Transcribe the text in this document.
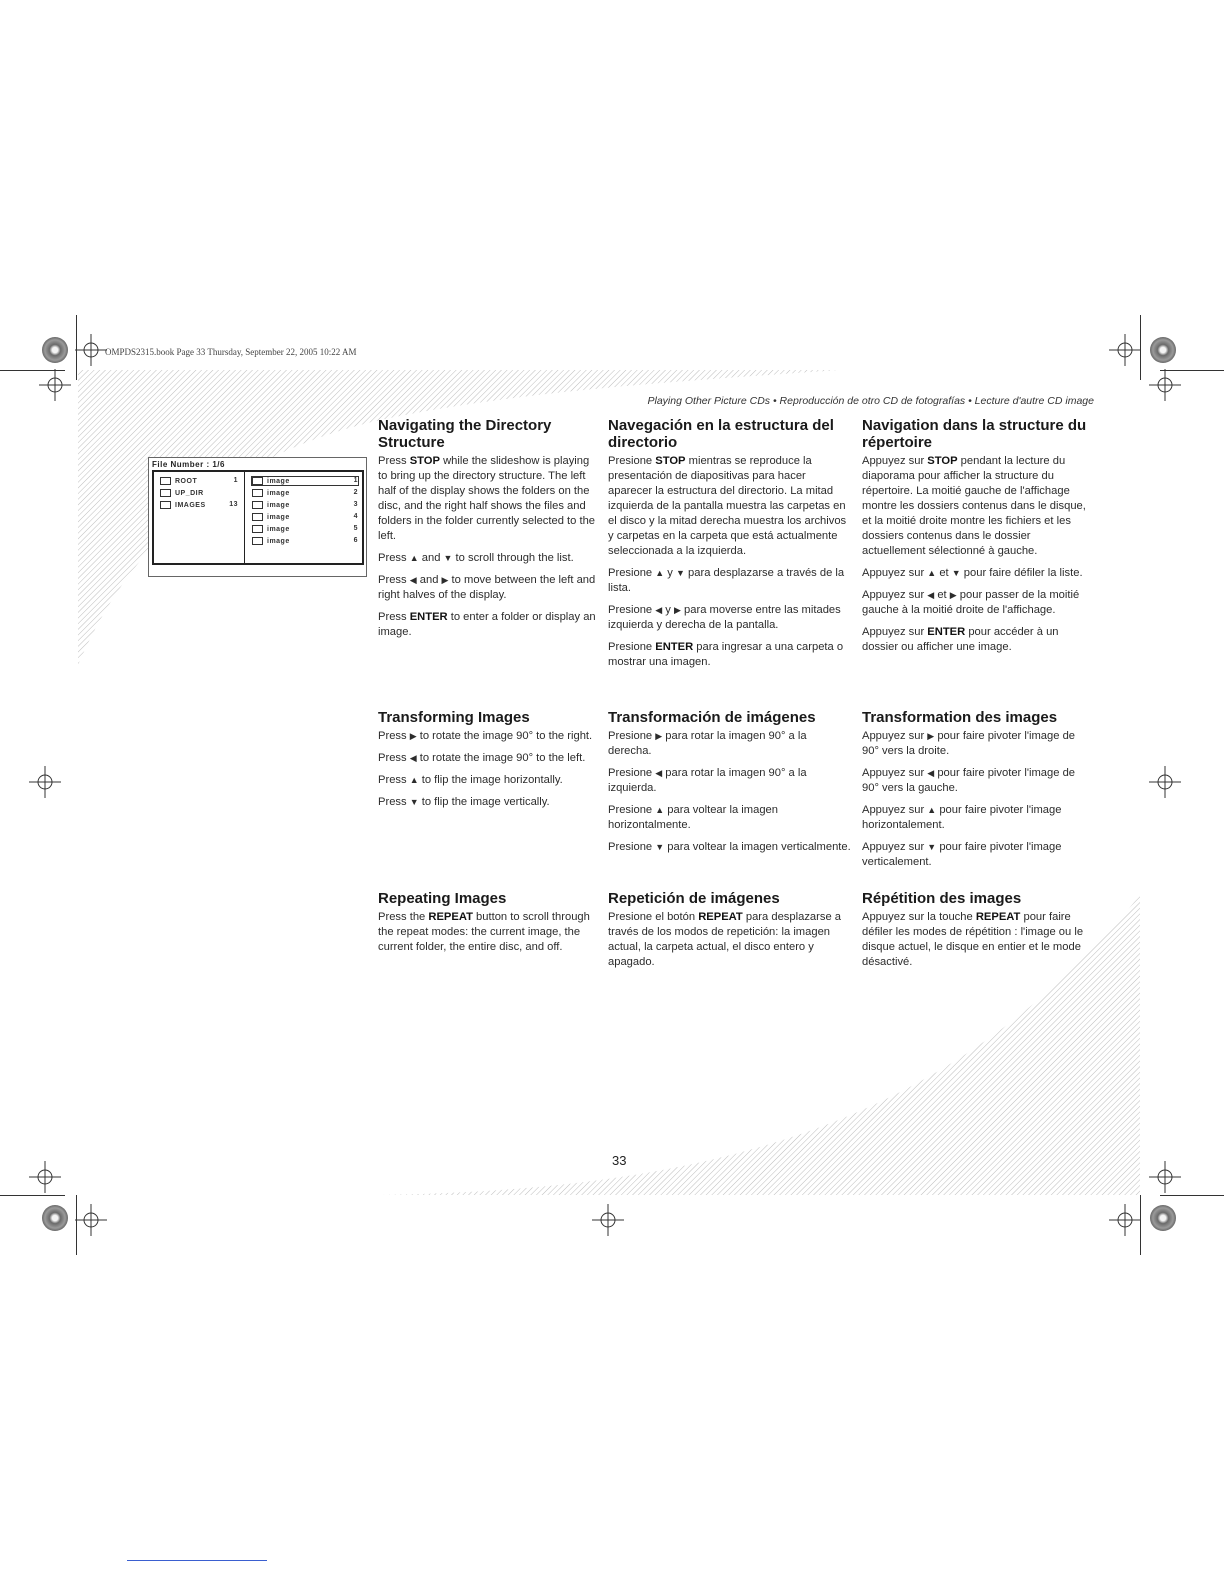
OMPDS2315.book Page 33 Thursday, September 22, 2005 10:22 AM
Playing Other Picture CDs • Reproducción de otro CD de fotografías • Lecture d'autre CD image
File Number : 1/6
ROOT	1
UP_DIR
IMAGES	13
image	1
image	2
image	3
image	4
image	5
image	6
Navigating the Directory Structure

Press STOP while the slideshow is playing to bring up the directory structure. The left half of the display shows the folders on the disc, and the right half shows the files and folders in the folder currently selected to the left.

Press ▲ and ▼ to scroll through the list.

Press ◀ and ▶ to move between the left and right halves of the display.

Press ENTER to enter a folder or display an image.

Transforming Images

Press ▶ to rotate the image 90° to the right.

Press ◀ to rotate the image 90° to the left.

Press ▲ to flip the image horizontally.

Press ▼ to flip the image vertically.

Repeating Images

Press the REPEAT button to scroll through the repeat modes: the current image, the current folder, the entire disc, and off.

Navegación en la estructura del directorio

Presione STOP mientras se reproduce la presentación de diapositivas para hacer aparecer la estructura del directorio. La mitad izquierda de la pantalla muestra las carpetas en el disco y la mitad derecha muestra los archivos y carpetas en la carpeta que está actualmente seleccionada a la izquierda.

Presione ▲ y ▼ para desplazarse a través de la lista.

Presione ◀ y ▶ para moverse entre las mitades izquierda y derecha de la pantalla.

Presione ENTER para ingresar a una carpeta o mostrar una imagen.

Transformación de imágenes

Presione ▶ para rotar la imagen 90° a la derecha.

Presione ◀ para rotar la imagen 90° a la izquierda.

Presione ▲ para voltear la imagen horizontalmente.

Presione ▼ para voltear la imagen verticalmente.

Repetición de imágenes

Presione el botón REPEAT para desplazarse a través de los modos de repetición: la imagen actual, la carpeta actual, el disco entero y apagado.

Navigation dans la structure du répertoire

Appuyez sur STOP pendant la lecture du diaporama pour afficher la structure du répertoire. La moitié gauche de l'affichage montre les dossiers contenus dans le disque, et la moitié droite montre les fichiers et les dossiers contenus dans le dossier actuellement sélectionné à gauche.

Appuyez sur ▲ et ▼ pour faire défiler la liste.

Appuyez sur ◀ et ▶ pour passer de la moitié gauche à la moitié droite de l'affichage.

Appuyez sur ENTER pour accéder à un dossier ou afficher une image.

Transformation des images

Appuyez sur ▶ pour faire pivoter l'image de 90° vers la droite.

Appuyez sur ◀ pour faire pivoter l'image de 90° vers la gauche.

Appuyez sur ▲ pour faire pivoter l'image horizontalement.

Appuyez sur ▼ pour faire pivoter l'image verticalement.

Répétition des images

Appuyez sur la touche REPEAT pour faire défiler les modes de répétition : l'image ou le disque actuel, le disque en entier et le mode désactivé.

33
